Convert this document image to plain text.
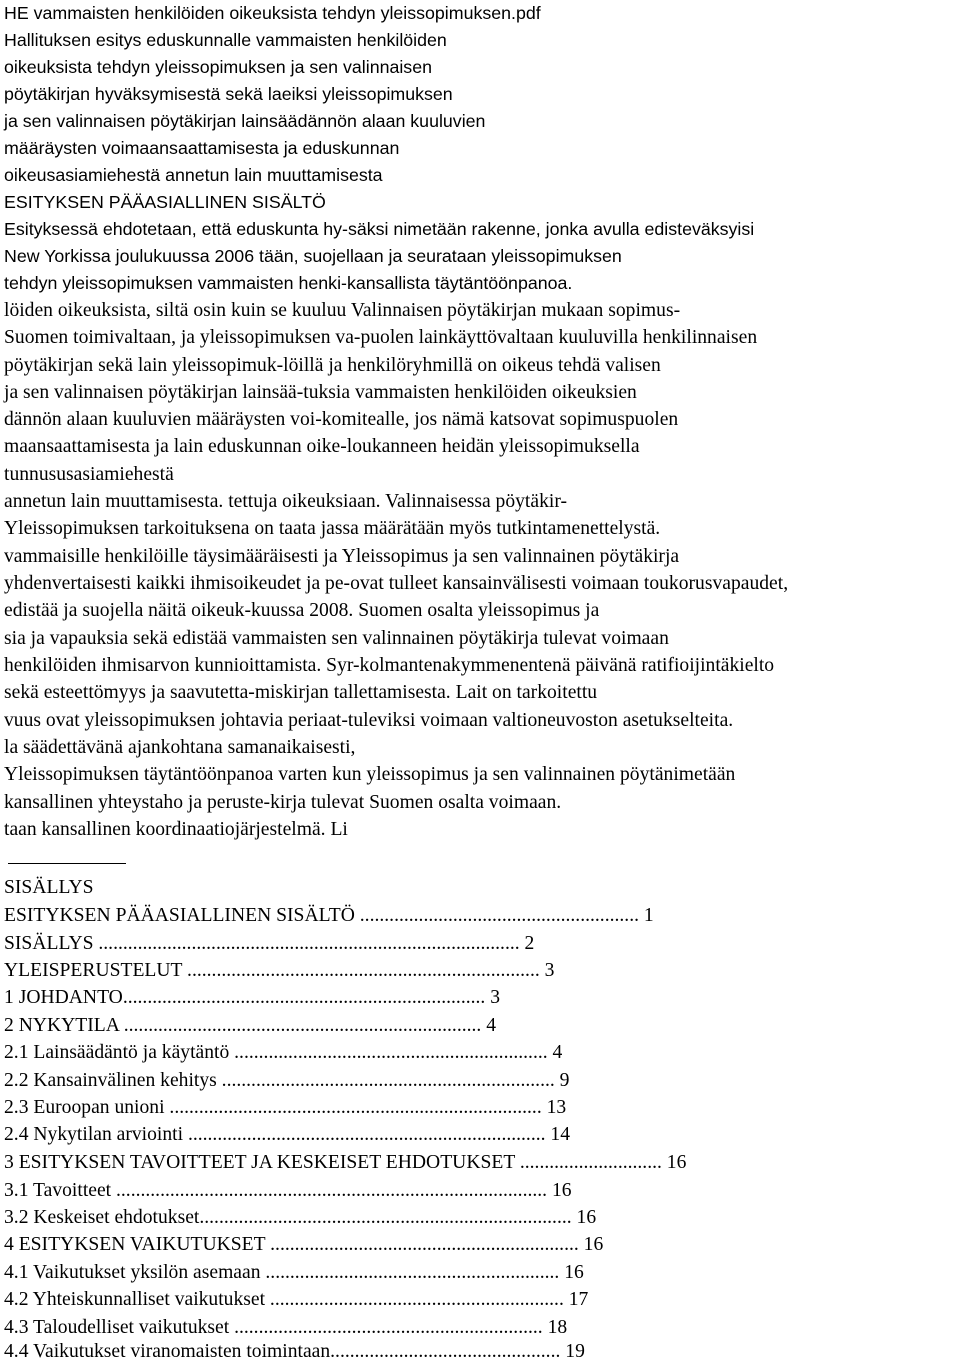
HE vammaisten henkilöiden oikeuksista tehdyn yleissopimuksen.pdf
Hallituksen esitys eduskunnalle vammaisten henkilöiden
oikeuksista tehdyn yleissopimuksen ja sen valinnaisen
pöytäkirjan hyväksymisestä sekä laeiksi yleissopimuksen
ja sen valinnaisen pöytäkirjan lainsäädännön alaan kuuluvien
määräysten voimaansaattamisesta ja eduskunnan
oikeusasiamiehestä annetun lain muuttamisesta
ESITYKSEN PÄÄASIALLINEN SISÄLTÖ
Esityksessä ehdotetaan, että eduskunta hy-säksi nimetään rakenne, jonka avulla edisteväksyisi
New Yorkissa joulukuussa 2006 tään, suojellaan ja seurataan yleissopimuksen
tehdyn yleissopimuksen vammaisten henki-kansallista täytäntöönpanoa.
löiden oikeuksista, siltä osin kuin se kuuluu Valinnaisen pöytäkirjan mukaan sopimus-
Suomen toimivaltaan, ja yleissopimuksen va-puolen lainkäyttövaltaan kuuluvilla henkilinnaisen
pöytäkirjan sekä lain yleissopimuk-löillä ja henkilöryhmillä on oikeus tehdä valisen
ja sen valinnaisen pöytäkirjan lainsää-tuksia vammaisten henkilöiden oikeuksien
dännön alaan kuuluvien määräysten voi-komitealle, jos nämä katsovat sopimuspuolen
maansaattamisesta ja lain eduskunnan oike-loukanneen heidän yleissopimuksella
tunnususasiamiehestä
annetun lain muuttamisesta. tettuja oikeuksiaan. Valinnaisessa pöytäkir-
Yleissopimuksen tarkoituksena on taata jassa määrätään myös tutkintamenettelystä.
vammaisille henkilöille täysimääräisesti ja Yleissopimus ja sen valinnainen pöytäkirja
yhdenvertaisesti kaikki ihmisoikeudet ja pe-ovat tulleet kansainvälisesti voimaan toukorusvapaudet,
edistää ja suojella näitä oikeuk-kuussa 2008. Suomen osalta yleissopimus ja
sia ja vapauksia sekä edistää vammaisten sen valinnainen pöytäkirja tulevat voimaan
henkilöiden ihmisarvon kunnioittamista. Syr-kolmantenakymmenentenä päivänä ratifioijintäkielto
sekä esteettömyys ja saavutetta-miskirjan tallettamisesta. Lait on tarkoitettu
vuus ovat yleissopimuksen johtavia periaat-tuleviksi voimaan valtioneuvoston asetukselteita.
la säädettävänä ajankohtana samanaikaisesti,
Yleissopimuksen täytäntöönpanoa varten kun yleissopimus ja sen valinnainen pöytänimetään
kansallinen yhteystaho ja peruste-kirja tulevat Suomen osalta voimaan.
taan kansallinen koordinaatiojärjestelmä. Li
SISÄLLYS
ESITYKSEN PÄÄASIALLINEN SISÄLTÖ ......................................................... 1
SISÄLLYS ...................................................................................... 2
YLEISPERUSTELUT ........................................................................ 3
1 JOHDANTO.......................................................................... 3
2 NYKYTILA ......................................................................... 4
2.1 Lainsäädäntö ja käytäntö ................................................................ 4
2.2 Kansainvälinen kehitys .................................................................... 9
2.3 Euroopan unioni ............................................................................ 13
2.4 Nykytilan arviointi ......................................................................... 14
3 ESITYKSEN TAVOITTEET JA KESKEISET EHDOTUKSET ............................. 16
3.1 Tavoitteet ........................................................................................ 16
3.2 Keskeiset ehdotukset............................................................................ 16
4 ESITYKSEN VAIKUTUKSET ............................................................... 16
4.1 Vaikutukset yksilön asemaan ............................................................ 16
4.2 Yhteiskunnalliset vaikutukset ............................................................ 17
4.3 Taloudelliset vaikutukset ............................................................... 18
4.4 Vaikutukset viranomaisten toimintaan............................................... 19
